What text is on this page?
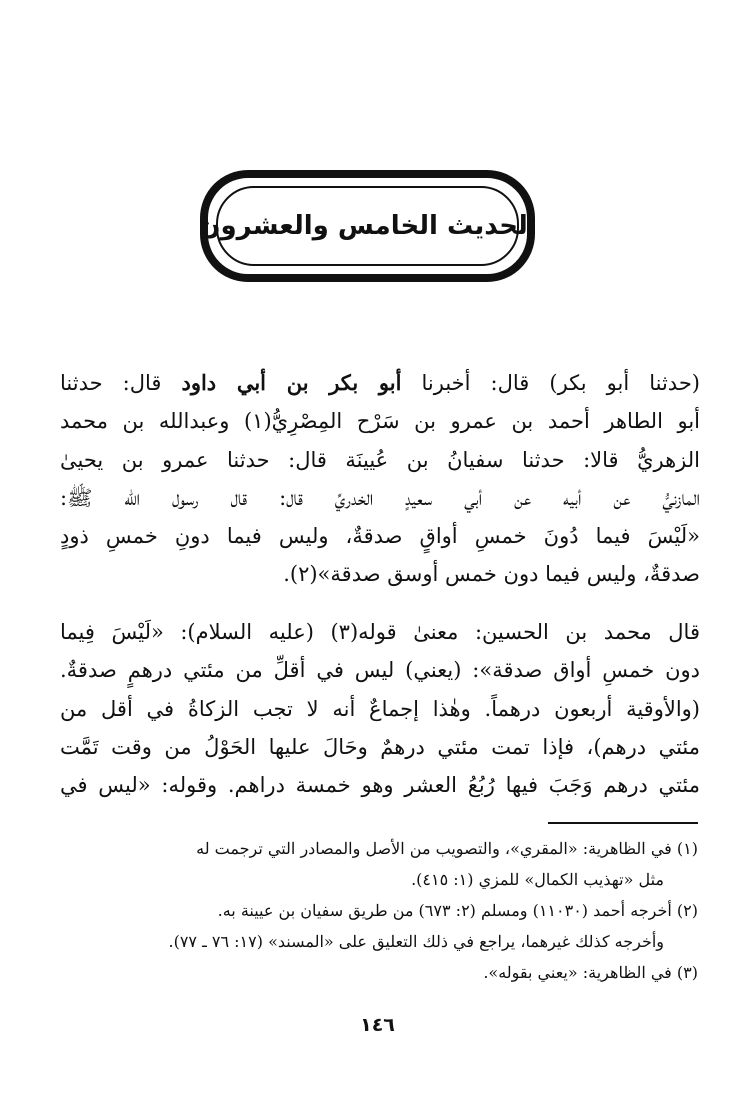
الحديث الخامس والعشرون
(حدثنا أبو بكر) قال: أخبرنا أبو بكر بن أبي داود قال: حدثنا
أبو الطاهر أحمد بن عمرو بن سَرْح المِصْرِيُّ(١) وعبدالله بن محمد
الزهريُّ قالا: حدثنا سفيانُ بن عُيينَة قال: حدثنا عمرو بن يحيىٰ
المازنيُّ عن أبيه عن أبي سعيدٍ الخدريِّ قال: قال رسول الله ﷺ:
«لَيْسَ فيما دُونَ خمسِ أواقٍ صدقةٌ، وليس فيما دونِ خمسِ ذودٍ
صدقةٌ، وليس فيما دون خمس أوسق صدقة»(٢).
قال محمد بن الحسين: معنىٰ قوله(٣) (عليه السلام): «لَيْسَ فِيما
دون خمسِ أواق صدقة»: (يعني) ليس في أقلِّ من مئتي درهمٍ صدقةٌ.
(والأوقية أربعون درهماً. وهٰذا إجماعٌ أنه لا تجب الزكاةُ في أقل من
مئتي درهم)، فإذا تمت مئتي درهمٌ وحَالَ عليها الحَوْلُ من وقت تَمَّت
مئتي درهم وَجَبَ فيها رُبُعُ العشر وهو خمسة دراهم. وقوله: «ليس في
(١) في الظاهرية: «المقري»، والتصويب من الأصل والمصادر التي ترجمت له
مثل «تهذيب الكمال» للمزي (١: ٤١٥).
(٢) أخرجه أحمد (١١٠٣٠) ومسلم (٢: ٦٧٣) من طريق سفيان بن عيينة به.
وأخرجه كذلك غيرهما، يراجع في ذلك التعليق على «المسند» (١٧: ٧٦ ـ ٧٧).
(٣) في الظاهرية: «يعني بقوله».
١٤٦
